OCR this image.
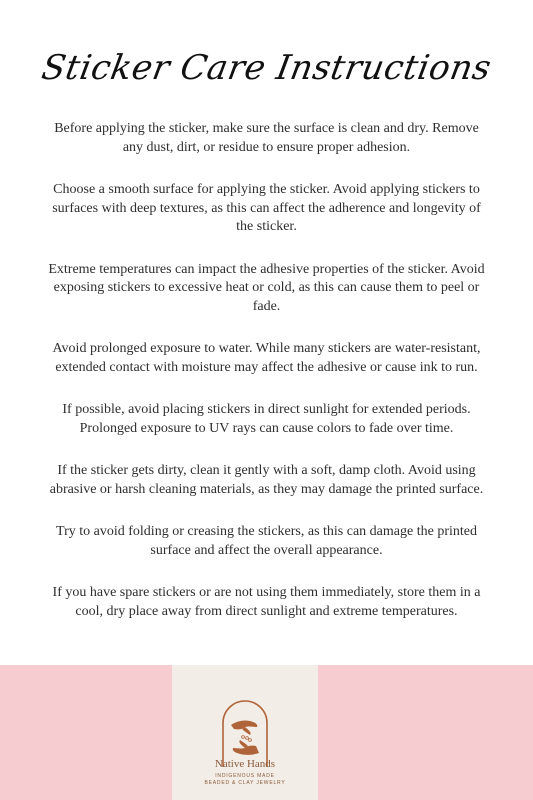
Sticker Care Instructions

Before applying the sticker, make sure the surface is clean and dry. Remove any dust, dirt, or residue to ensure proper adhesion.

Choose a smooth surface for applying the sticker. Avoid applying stickers to surfaces with deep textures, as this can affect the adherence and longevity of the sticker.

Extreme temperatures can impact the adhesive properties of the sticker. Avoid exposing stickers to excessive heat or cold, as this can cause them to peel or fade.

Avoid prolonged exposure to water. While many stickers are water-resistant, extended contact with moisture may affect the adhesive or cause ink to run.

If possible, avoid placing stickers in direct sunlight for extended periods. Prolonged exposure to UV rays can cause colors to fade over time.

If the sticker gets dirty, clean it gently with a soft, damp cloth. Avoid using abrasive or harsh cleaning materials, as they may damage the printed surface.

Try to avoid folding or creasing the stickers, as this can damage the printed surface and affect the overall appearance.

If you have spare stickers or are not using them immediately, store them in a cool, dry place away from direct sunlight and extreme temperatures.

Native Hands
INDIGENOUS MADE
BEADED & CLAY JEWELRY
